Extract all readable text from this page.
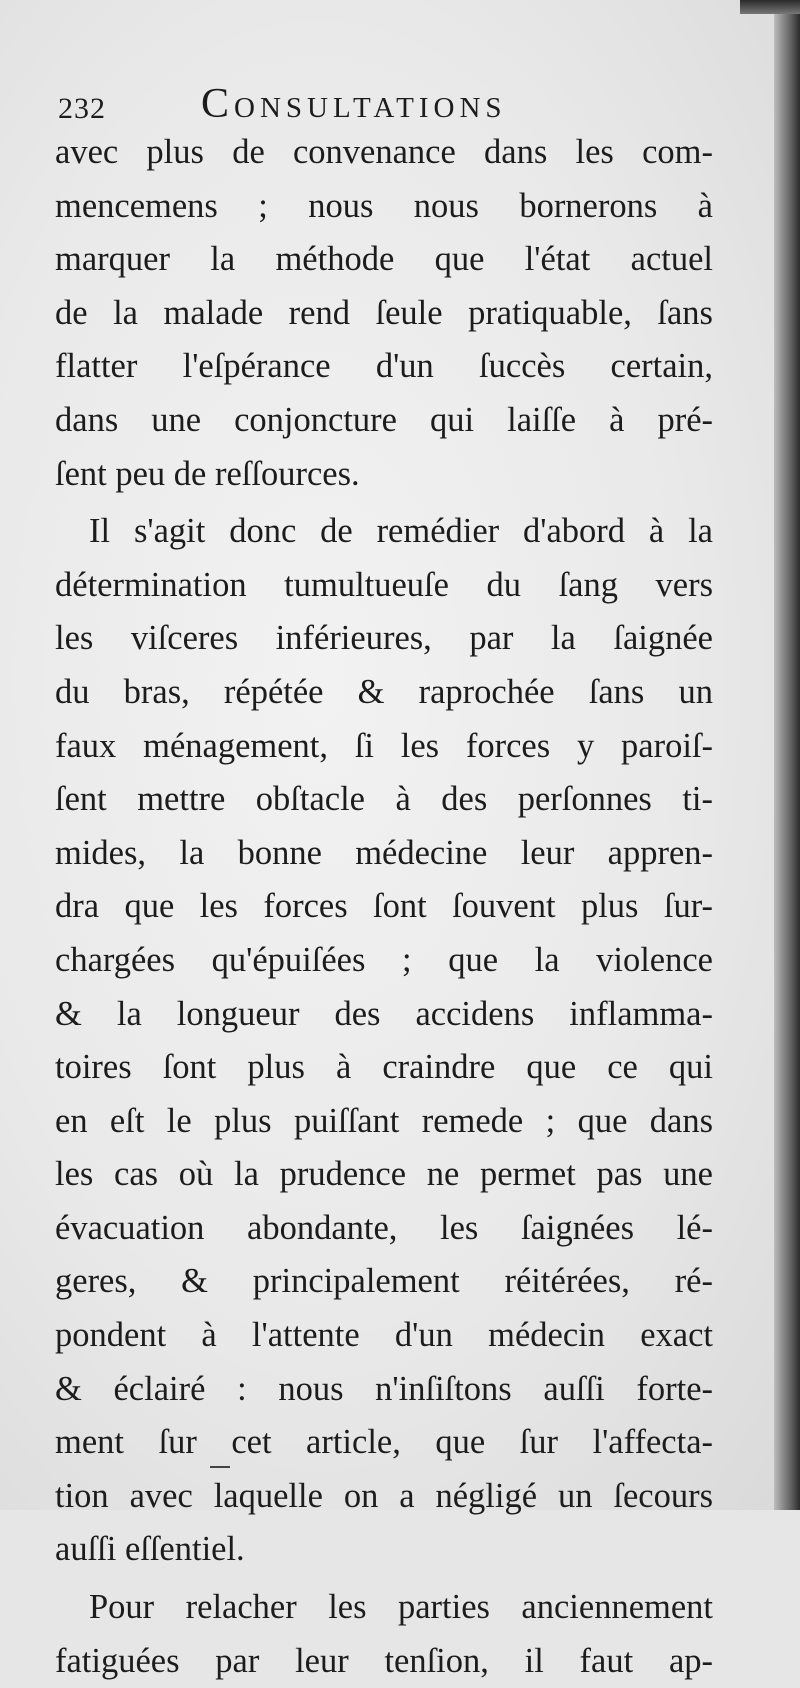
232 Consultations
avec plus de convenance dans les com-
mencemens ; nous nous bornerons à
marquer la méthode que l'état actuel
de la malade rend ſeule pratiquable, ſans
flatter l'eſpérance d'un ſuccès certain,
dans une conjoncture qui laiſſe à pré-
ſent peu de reſſources.
Il s'agit donc de remédier d'abord à la
détermination tumultueuſe du ſang vers
les viſceres inférieures, par la ſaignée
du bras, répétée & raprochée ſans un
faux ménagement, ſi les forces y paroiſ-
ſent mettre obſtacle à des perſonnes ti-
mides, la bonne médecine leur appren-
dra que les forces ſont ſouvent plus ſur-
chargées qu'épuiſées ; que la violence
& la longueur des accidens inflamma-
toires ſont plus à craindre que ce qui
en eſt le plus puiſſant remede ; que dans
les cas où la prudence ne permet pas une
évacuation abondante, les ſaignées lé-
geres, & principalement réitérées, ré-
pondent à l'attente d'un médecin exact
& éclairé : nous n'inſiſtons auſſi forte-
ment ſur cet article, que ſur l'affecta-
tion avec laquelle on a négligé un ſecours
auſſi eſſentiel.
Pour relacher les parties anciennement
fatiguées par leur tenſion, il faut ap-
